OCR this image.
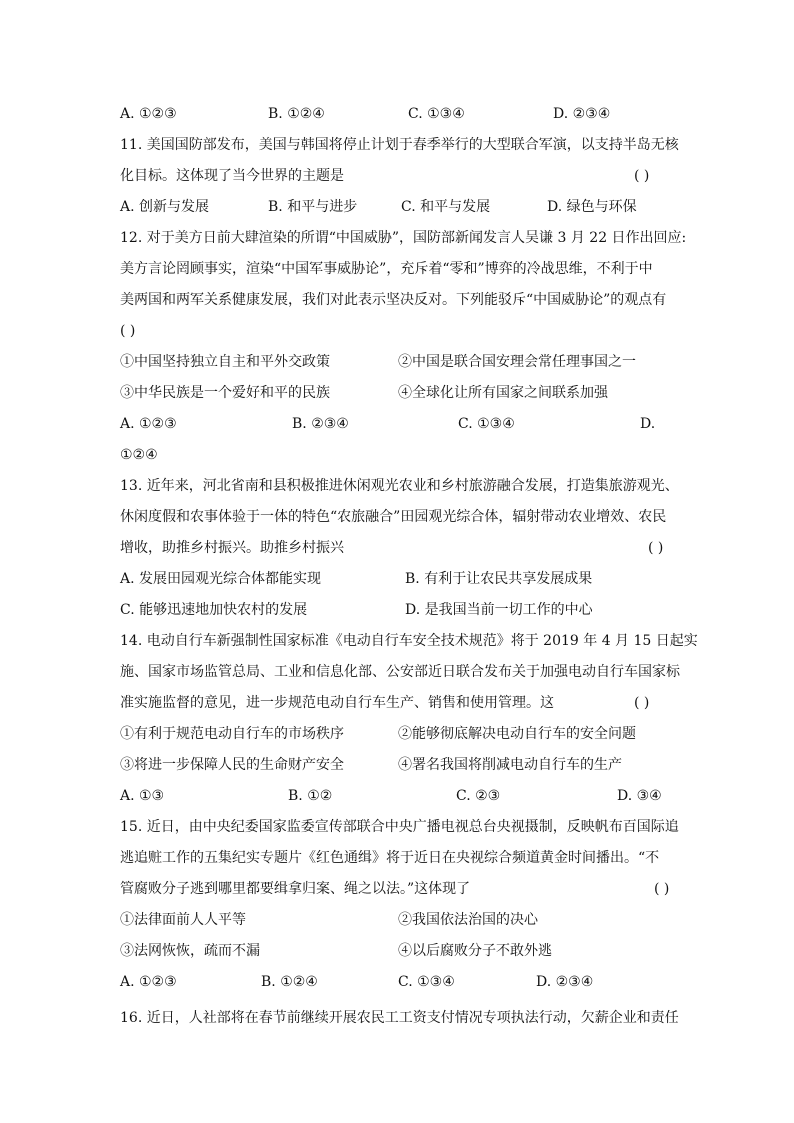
A. ①②③	B. ①②④	C. ①③④	D. ②③④
11. 美国国防部发布，美国与韩国将停止计划于春季举行的大型联合军演，以支持半岛无核
化目标。这体现了当今世界的主题是	( )
A. 创新与发展	B. 和平与进步	C. 和平与发展	D. 绿色与环保
12. 对于美方日前大肆渲染的所谓“中国威胁”，国防部新闻发言人吴谦 3 月 22 日作出回应:
美方言论罔顾事实，渲染“中国军事威胁论”，充斥着“零和”博弈的冷战思维，不利于中
美两国和两军关系健康发展，我们对此表示坚决反对。下列能驳斥“中国威胁论”的观点有
( )
①中国坚持独立自主和平外交政策	②中国是联合国安理会常任理事国之一
③中华民族是一个爱好和平的民族	④全球化让所有国家之间联系加强
A. ①②③	B. ②③④	C. ①③④	D.
①②④
13. 近年来，河北省南和县积极推进休闲观光农业和乡村旅游融合发展，打造集旅游观光、
休闲度假和农事体验于一体的特色“农旅融合”田园观光综合体，辐射带动农业增效、农民
增收，助推乡村振兴。助推乡村振兴	( )
A. 发展田园观光综合体都能实现	B. 有利于让农民共享发展成果
C. 能够迅速地加快农村的发展	D. 是我国当前一切工作的中心
14. 电动自行车新强制性国家标准《电动自行车安全技术规范》将于 2019 年 4 月 15 日起实
施、国家市场监管总局、工业和信息化部、公安部近日联合发布关于加强电动自行车国家标
准实施监督的意见，进一步规范电动自行车生产、销售和使用管理。这	( )
①有利于规范电动自行车的市场秩序	②能够彻底解决电动自行车的安全问题
③将进一步保障人民的生命财产安全	④署名我国将削减电动自行车的生产
A. ①③	B. ①②	C. ②③	D. ③④
15. 近日，由中央纪委国家监委宣传部联合中央广播电视总台央视摄制，反映帆布百国际追
逃追赃工作的五集纪实专题片《红色通缉》将于近日在央视综合频道黄金时间播出。“不
管腐败分子逃到哪里都要缉拿归案、绳之以法。”这体现了	( )
①法律面前人人平等	②我国依法治国的决心
③法网恢恢，疏而不漏	④以后腐败分子不敢外逃
A. ①②③	B. ①②④	C. ①③④	D. ②③④
16. 近日，人社部将在春节前继续开展农民工工资支付情况专项执法行动，欠薪企业和责任
